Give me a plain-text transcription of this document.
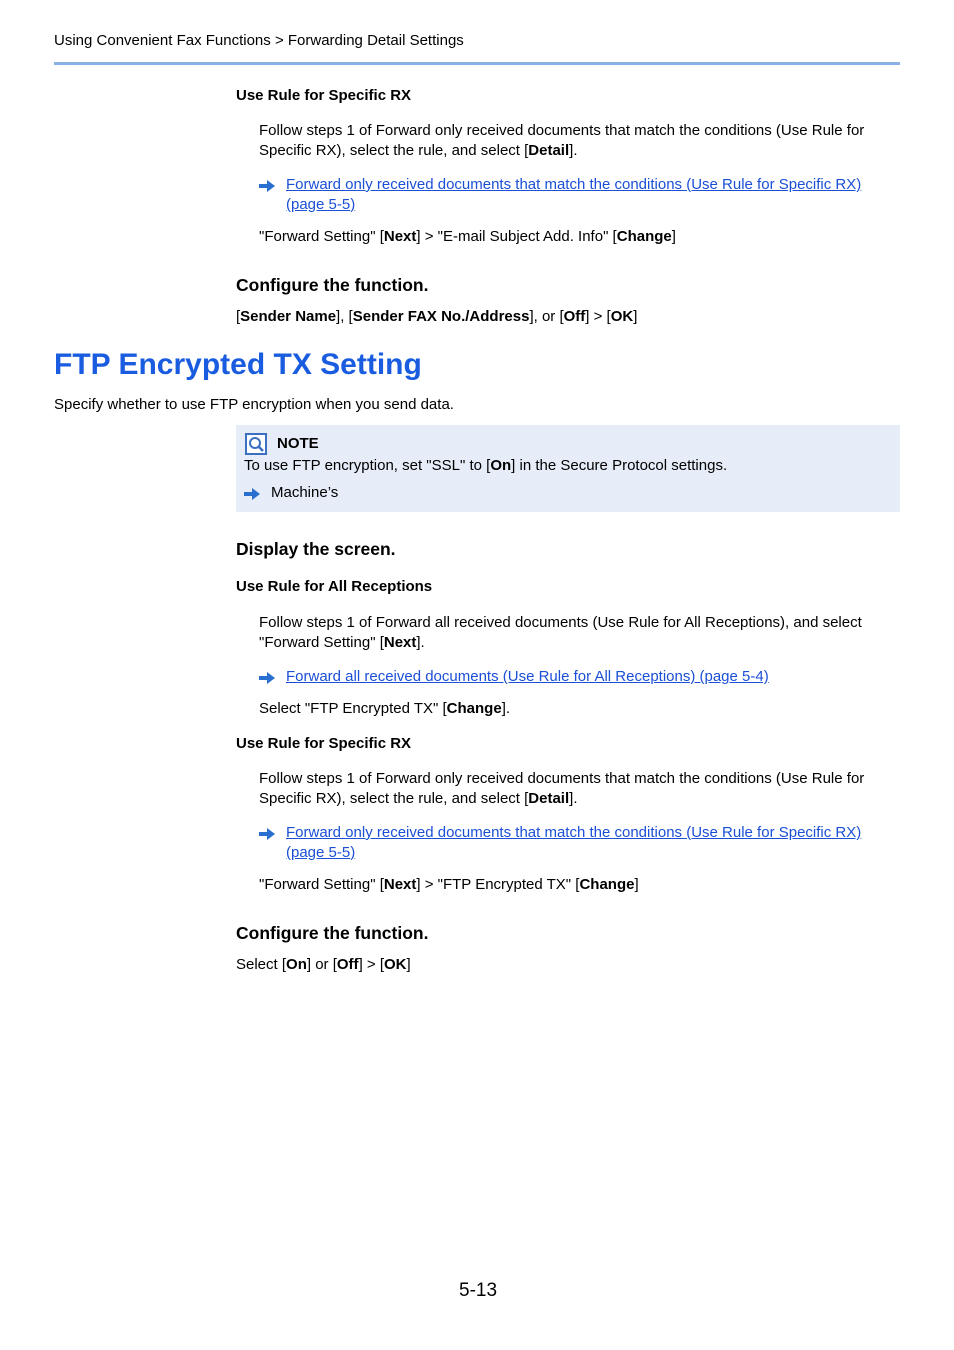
Using Convenient Fax Functions > Forwarding Detail Settings
Use Rule for Specific RX
Follow steps 1 of Forward only received documents that match the conditions (Use Rule for
Specific RX), select the rule, and select [Detail].
Forward only received documents that match the conditions (Use Rule for Specific RX)
(page 5-5)
"Forward Setting" [Next] > "E-mail Subject Add. Info" [Change]
Configure the function.
[Sender Name], [Sender FAX No./Address], or [Off] > [OK]
FTP Encrypted TX Setting
Specify whether to use FTP encryption when you send data.
NOTE
To use FTP encryption, set "SSL" to [On] in the Secure Protocol settings.
Machine’s
Display the screen.
Use Rule for All Receptions
Follow steps 1 of Forward all received documents (Use Rule for All Receptions), and select
"Forward Setting" [Next].
Forward all received documents (Use Rule for All Receptions) (page 5-4)
Select "FTP Encrypted TX" [Change].
Use Rule for Specific RX
Follow steps 1 of Forward only received documents that match the conditions (Use Rule for
Specific RX), select the rule, and select [Detail].
Forward only received documents that match the conditions (Use Rule for Specific RX)
(page 5-5)
"Forward Setting" [Next] > "FTP Encrypted TX" [Change]
Configure the function.
Select [On] or [Off] > [OK]
5-13
